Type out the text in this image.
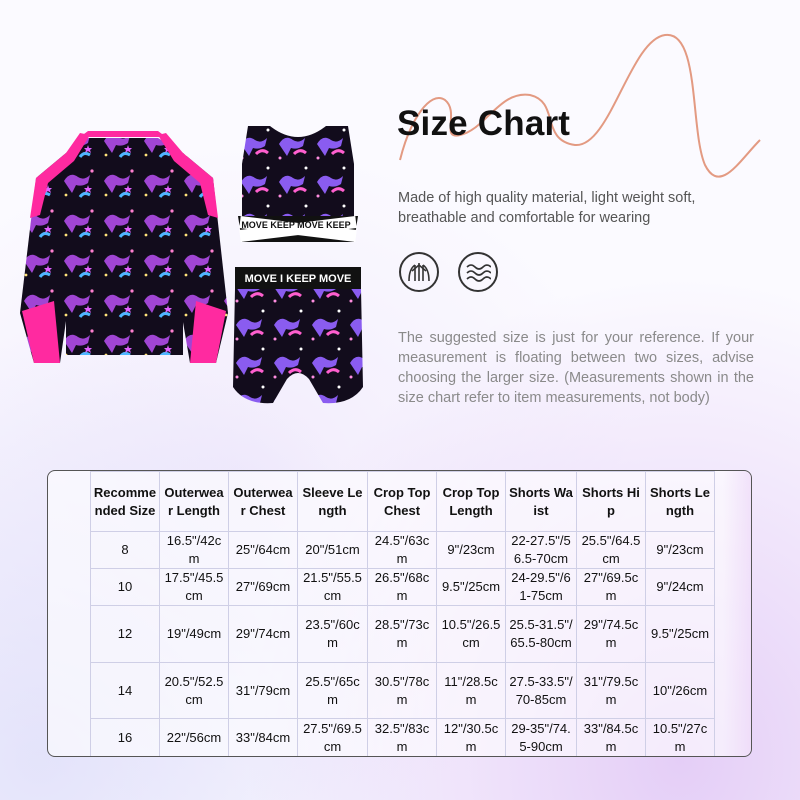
MOVE KEEP MOVE KEEP
MOVE I KEEP MOVE
Size Chart
Made of high quality material, light weight soft, breathable and comfortable for wearing
The suggested size is just for your reference. If your measurement is floating between two sizes, advise choosing the larger size. (Measurements shown in the size chart refer to item measurements, not body)
Recommended Size	Outerwear Length	Outerwear Chest	Sleeve Length	Crop Top Chest	Crop Top Length	Shorts Waist	Shorts Hip	Shorts Length
8	16.5"/42cm	25"/64cm	20"/51cm	24.5"/63cm	9"/23cm	22-27.5"/56.5-70cm	25.5"/64.5cm	9"/23cm
10	17.5"/45.5cm	27"/69cm	21.5"/55.5cm	26.5"/68cm	9.5"/25cm	24-29.5"/61-75cm	27"/69.5cm	9"/24cm
12	19"/49cm	29"/74cm	23.5"/60cm	28.5"/73cm	10.5"/26.5cm	25.5-31.5"/65.5-80cm	29"/74.5cm	9.5"/25cm
14	20.5"/52.5cm	31"/79cm	25.5"/65cm	30.5"/78cm	11"/28.5cm	27.5-33.5"/70-85cm	31"/79.5cm	10"/26cm
16	22"/56cm	33"/84cm	27.5"/69.5cm	32.5"/83cm	12"/30.5cm	29-35"/74.5-90cm	33"/84.5cm	10.5"/27cm
